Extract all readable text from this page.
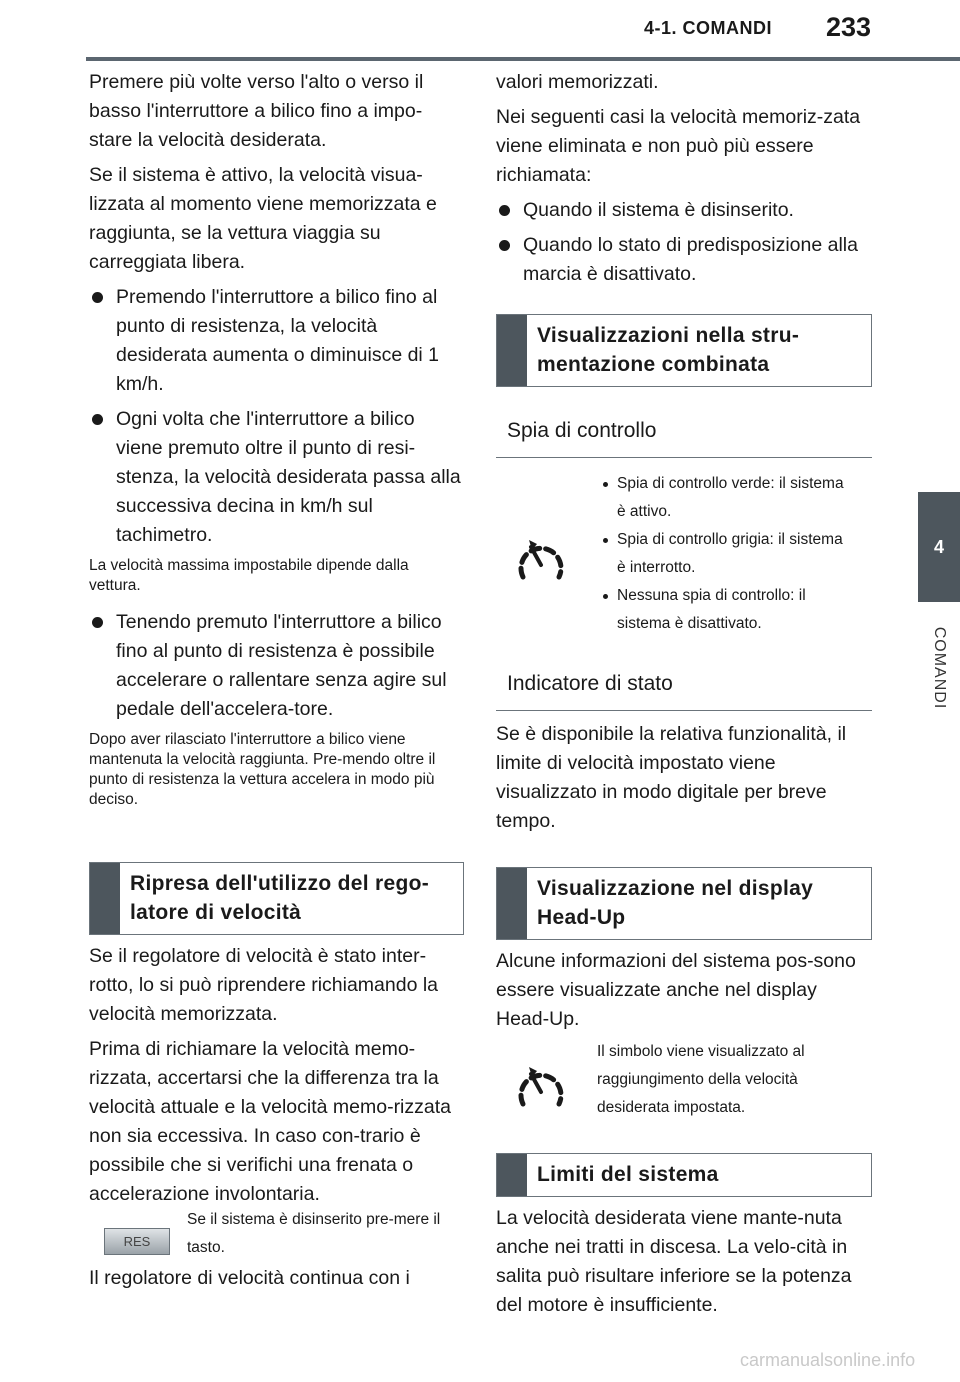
4-1. COMANDI 233
4
COMANDI

Premere più volte verso l'alto o verso il basso l'interruttore a bilico fino a impo-stare la velocità desiderata.

Se il sistema è attivo, la velocità visua-lizzata al momento viene memorizzata e raggiunta, se la vettura viaggia su carreggiata libera.

Premendo l'interruttore a bilico fino al punto di resistenza, la velocità desiderata aumenta o diminuisce di 1 km/h.
Ogni volta che l'interruttore a bilico viene premuto oltre il punto di resi-stenza, la velocità desiderata passa alla successiva decina in km/h sul tachimetro.
La velocità massima impostabile dipende dalla vettura.
Tenendo premuto l'interruttore a bilico fino al punto di resistenza è possibile accelerare o rallentare senza agire sul pedale dell'accelera-tore.
Dopo aver rilasciato l'interruttore a bilico viene mantenuta la velocità raggiunta. Pre-mendo oltre il punto di resistenza la vettura accelera in modo più deciso.
Ripresa dell'utilizzo del rego-latore di velocità

Se il regolatore di velocità è stato inter-rotto, lo si può riprendere richiamando la velocità memorizzata.

Prima di richiamare la velocità memo-rizzata, accertarsi che la differenza tra la velocità attuale e la velocità memo-rizzata non sia eccessiva. In caso con-trario è possibile che si verifichi una frenata o accelerazione involontaria.

RES
Se il sistema è disinserito pre-mere il tasto.

Il regolatore di velocità continua con i

valori memorizzati.

Nei seguenti casi la velocità memoriz-zata viene eliminata e non può più essere richiamata:

Quando il sistema è disinserito.
Quando lo stato di predisposizione alla marcia è disattivato.
Visualizzazioni nella stru-mentazione combinata
Spia di controllo
Spia di controllo verde: il sistema è attivo.
Spia di controllo grigia: il sistema è interrotto.
Nessuna spia di controllo: il sistema è disattivato.
Indicatore di stato

Se è disponibile la relativa funzionalità, il limite di velocità impostato viene visualizzato in modo digitale per breve tempo.

Visualizzazione nel display Head-Up

Alcune informazioni del sistema pos-sono essere visualizzate anche nel display Head-Up.

Il simbolo viene visualizzato al raggiungimento della velocità desiderata impostata.
Limiti del sistema

La velocità desiderata viene mante-nuta anche nei tratti in discesa. La velo-cità in salita può risultare inferiore se la potenza del motore è insufficiente.

carmanualsonline.info
